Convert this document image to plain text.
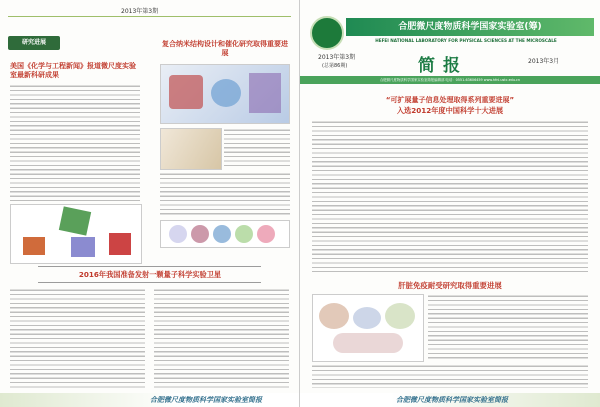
2013年第3期
研究进展
美国《化学与工程新闻》报道微尺度实验室最新科研成果
复合纳米结构设计和催化研究取得重要进展
2016年我国准备发射一颗量子科学实验卫星
合肥微尺度物质科学国家实验室简报
合肥微尺度物质科学国家实验室(筹)
HEFEI NATIONAL LABORATORY FOR PHYSICAL SCIENCES AT THE MICROSCALE
2013年第3期
(总第86期)	简报	2013年3月
合肥微尺度物质科学国家实验室简报编辑部 电话：0551-63606459 www.hfnl.ustc.edu.cn
“可扩展量子信息处理取得系列重要进展”
入选2012年度中国科学十大进展
肝脏免疫耐受研究取得重要进展
合肥微尺度物质科学国家实验室简报
